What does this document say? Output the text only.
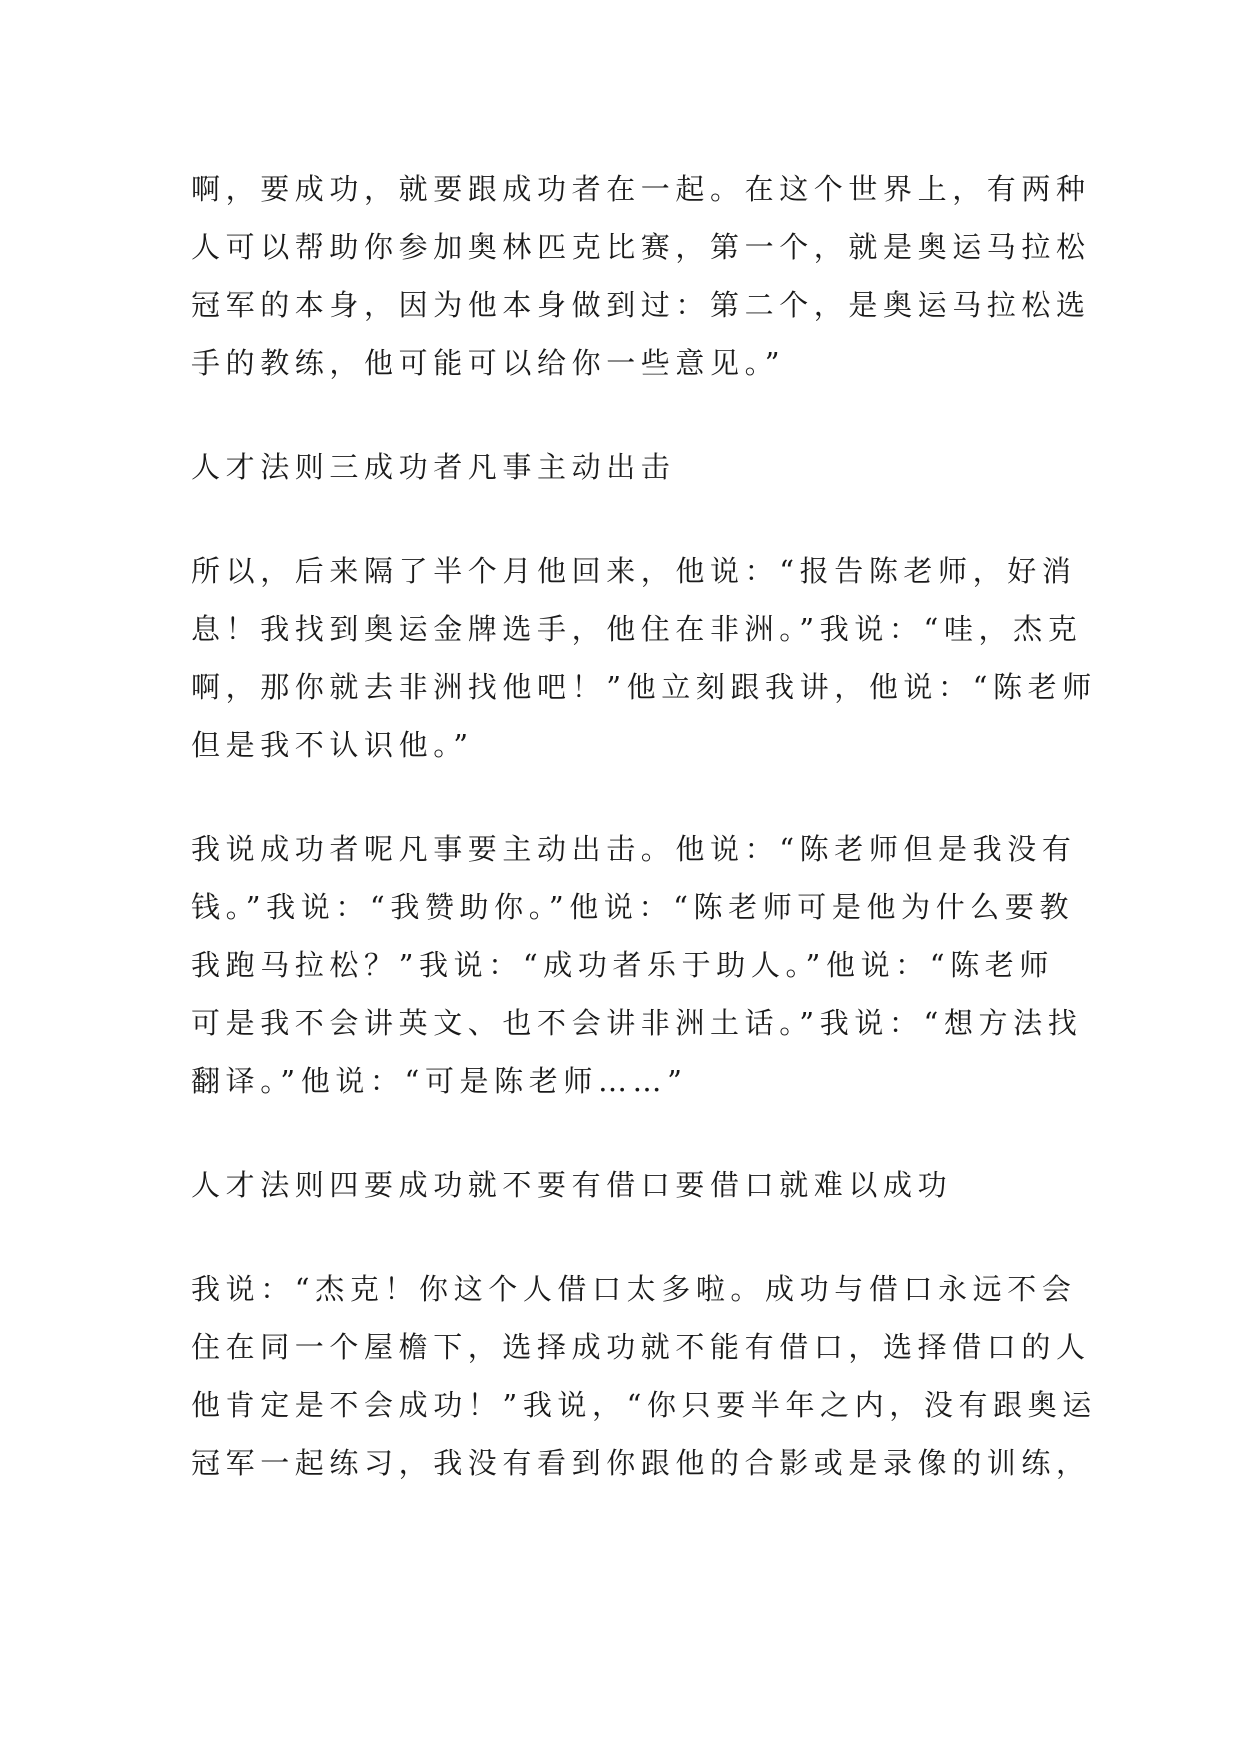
啊，要成功，就要跟成功者在一起。在这个世界上，有两种
人可以帮助你参加奥林匹克比赛，第一个，就是奥运马拉松
冠军的本身，因为他本身做到过：第二个，是奥运马拉松选
手的教练，他可能可以给你一些意见。”

人才法则三成功者凡事主动出击

所以，后来隔了半个月他回来，他说：“报告陈老师，好消
息！我找到奥运金牌选手，他住在非洲。”我说：“哇，杰克
啊，那你就去非洲找他吧！”他立刻跟我讲，他说：“陈老师
但是我不认识他。”

我说成功者呢凡事要主动出击。他说：“陈老师但是我没有
钱。”我说：“我赞助你。”他说：“陈老师可是他为什么要教
我跑马拉松？”我说：“成功者乐于助人。”他说：“陈老师
可是我不会讲英文、也不会讲非洲土话。”我说：“想方法找
翻译。”他说：“可是陈老师……”

人才法则四要成功就不要有借口要借口就难以成功

我说：“杰克！你这个人借口太多啦。成功与借口永远不会
住在同一个屋檐下，选择成功就不能有借口，选择借口的人
他肯定是不会成功！”我说，“你只要半年之内，没有跟奥运
冠军一起练习，我没有看到你跟他的合影或是录像的训练，
